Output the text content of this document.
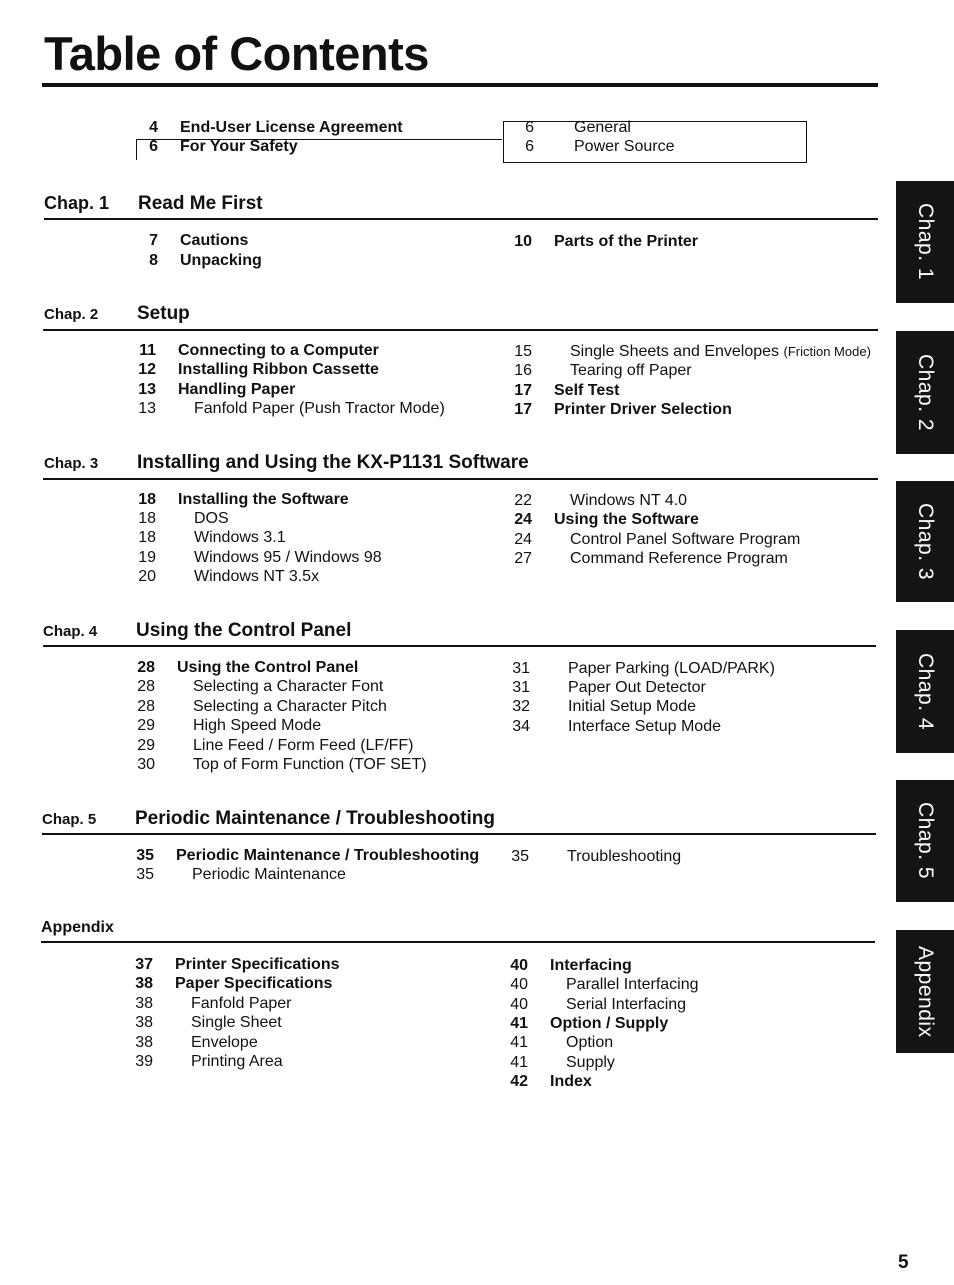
Table of Contents
4 End-User License Agreement
6 For Your Safety
6	General
6	Power Source
Chap. 1 Read Me First
7 Cautions
8 Unpacking
10 Parts of the Printer
Chap. 2 Setup
11 Connecting to a Computer
12 Installing Ribbon Cassette
13 Handling Paper
13 Fanfold Paper (Push Tractor Mode)
15 Single Sheets and Envelopes (Friction Mode)
16 Tearing off Paper
17 Self Test
17 Printer Driver Selection
Chap. 3 Installing and Using the KX-P1131 Software
18 Installing the Software
18 DOS
18 Windows 3.1
19 Windows 95 / Windows 98
20 Windows NT 3.5x
22 Windows NT 4.0
24 Using the Software
24 Control Panel Software Program
27 Command Reference Program
Chap. 4 Using the Control Panel
28 Using the Control Panel
28 Selecting a Character Font
28 Selecting a Character Pitch
29 High Speed Mode
29 Line Feed / Form Feed (LF/FF)
30 Top of Form Function (TOF SET)
31 Paper Parking (LOAD/PARK)
31 Paper Out Detector
32 Initial Setup Mode
34 Interface Setup Mode
Chap. 5 Periodic Maintenance / Troubleshooting
35 Periodic Maintenance / Troubleshooting
35 Periodic Maintenance
35 Troubleshooting
Appendix
37 Printer Specifications
38 Paper Specifications
38 Fanfold Paper
38 Single Sheet
38 Envelope
39 Printing Area
40 Interfacing
40 Parallel Interfacing
40 Serial Interfacing
41 Option / Supply
41 Option
41 Supply
42 Index
Chap. 1
Chap. 2
Chap. 3
Chap. 4
Chap. 5
Appendix
5
